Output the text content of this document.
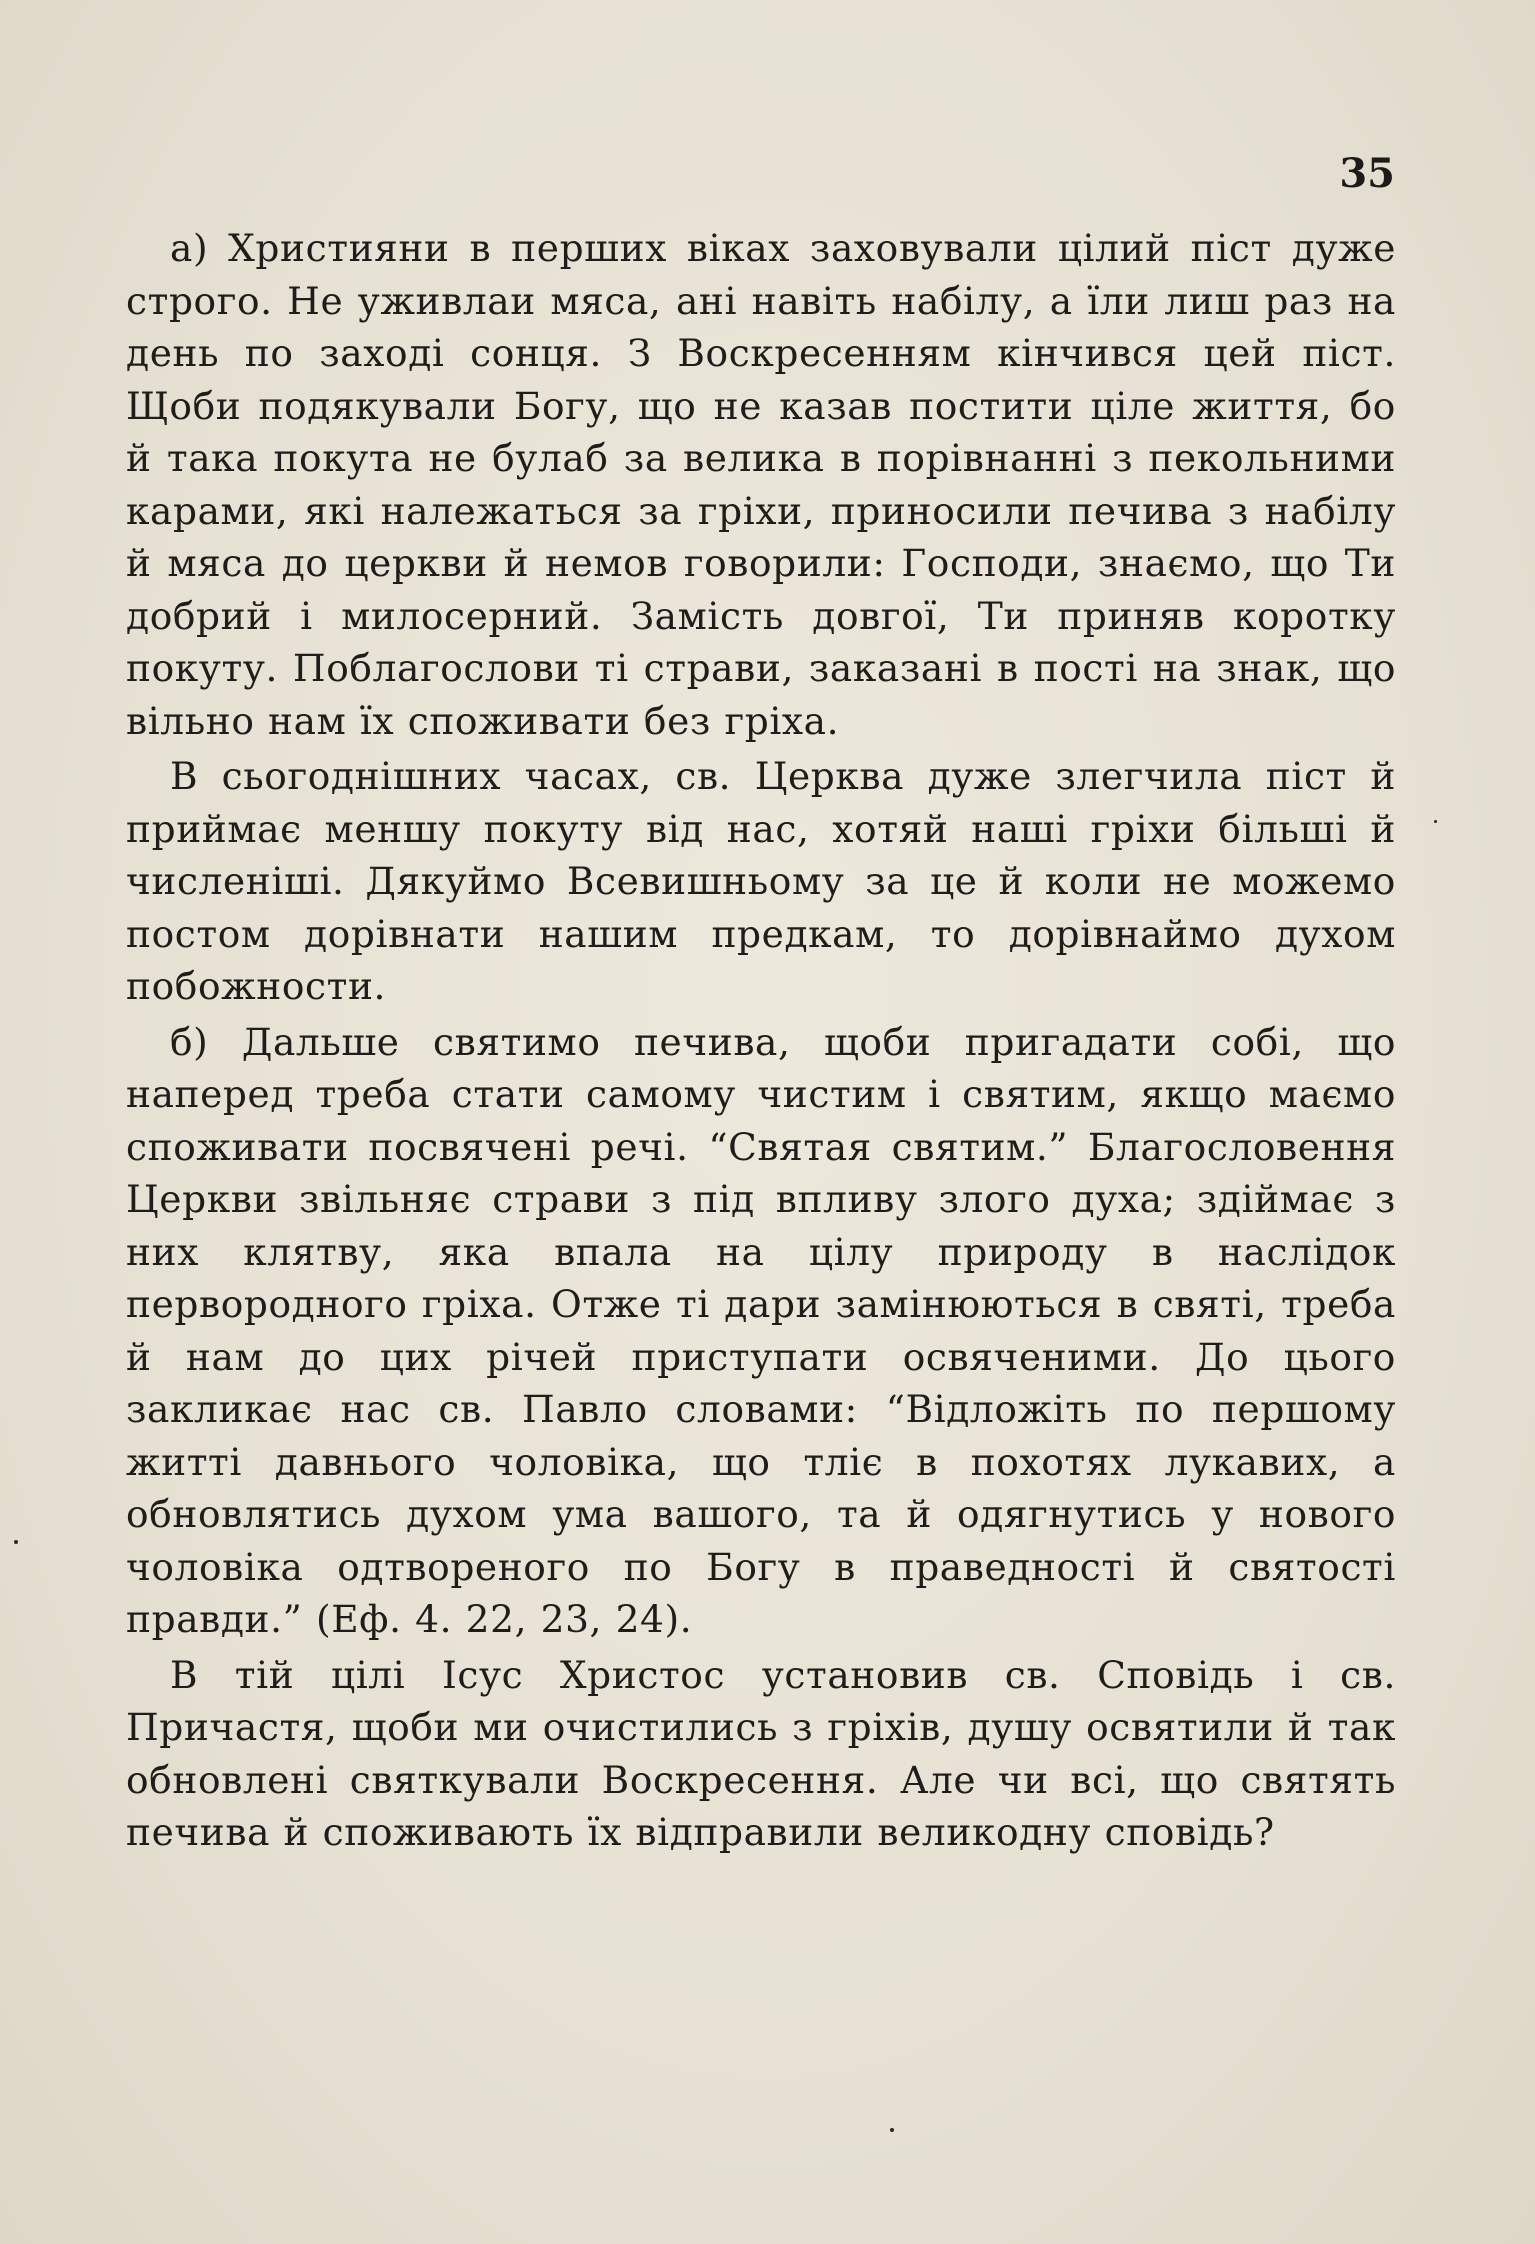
35

а) Християни в перших віках заховували цілий піст дуже строго. Не уживлаи мяса, ані навіть набілу, а їли лиш раз на день по заході сонця. З Воскресенням кінчився цей піст. Щоби подякували Богу, що не казав постити ціле життя, бо й така покута не булаб за велика в порівнанні з пекольними карами, які належаться за гріхи, приносили печива з набілу й мяса до церкви й немов говорили: Господи, знаємо, що Ти добрий і милосерний. Замість довгої, Ти приняв коротку покуту. Поблагослови ті страви, заказані в пості на знак, що вільно нам їх споживати без гріха.

В сьогоднішних часах, св. Церква дуже злегчила піст й приймає меншу покуту від нас, хотяй наші гріхи більші й численіші. Дякуймо Всевишньому за це й коли не можемо постом дорівнати нашим предкам, то дорівнаймо духом побожности.

б) Дальше святимо печива, щоби пригадати собі, що наперед треба стати самому чистим і святим, якщо маємо споживати посвячені речі. “Святая святим.” Благословення Церкви звільняє страви з під впливу злого духа; здіймає з них клятву, яка впала на цілу природу в наслідок первородного гріха. Отже ті дари замінюються в святі, треба й нам до цих річей приступати освяченими. До цього закликає нас св. Павло словами: “Відложіть по першому житті давнього чоловіка, що тліє в похотях лукавих, а обновлятись духом ума вашого, та й одягнутись у нового чоловіка одтвореного по Богу в праведності й святості правди.” (Еф. 4. 22, 23, 24).

В тій цілі Ісус Христос установив св. Сповідь і св. Причастя, щоби ми очистились з гріхів, душу освятили й так обновлені святкували Воскресення. Але чи всі, що святять печива й споживають їх відправили великодну сповідь?
